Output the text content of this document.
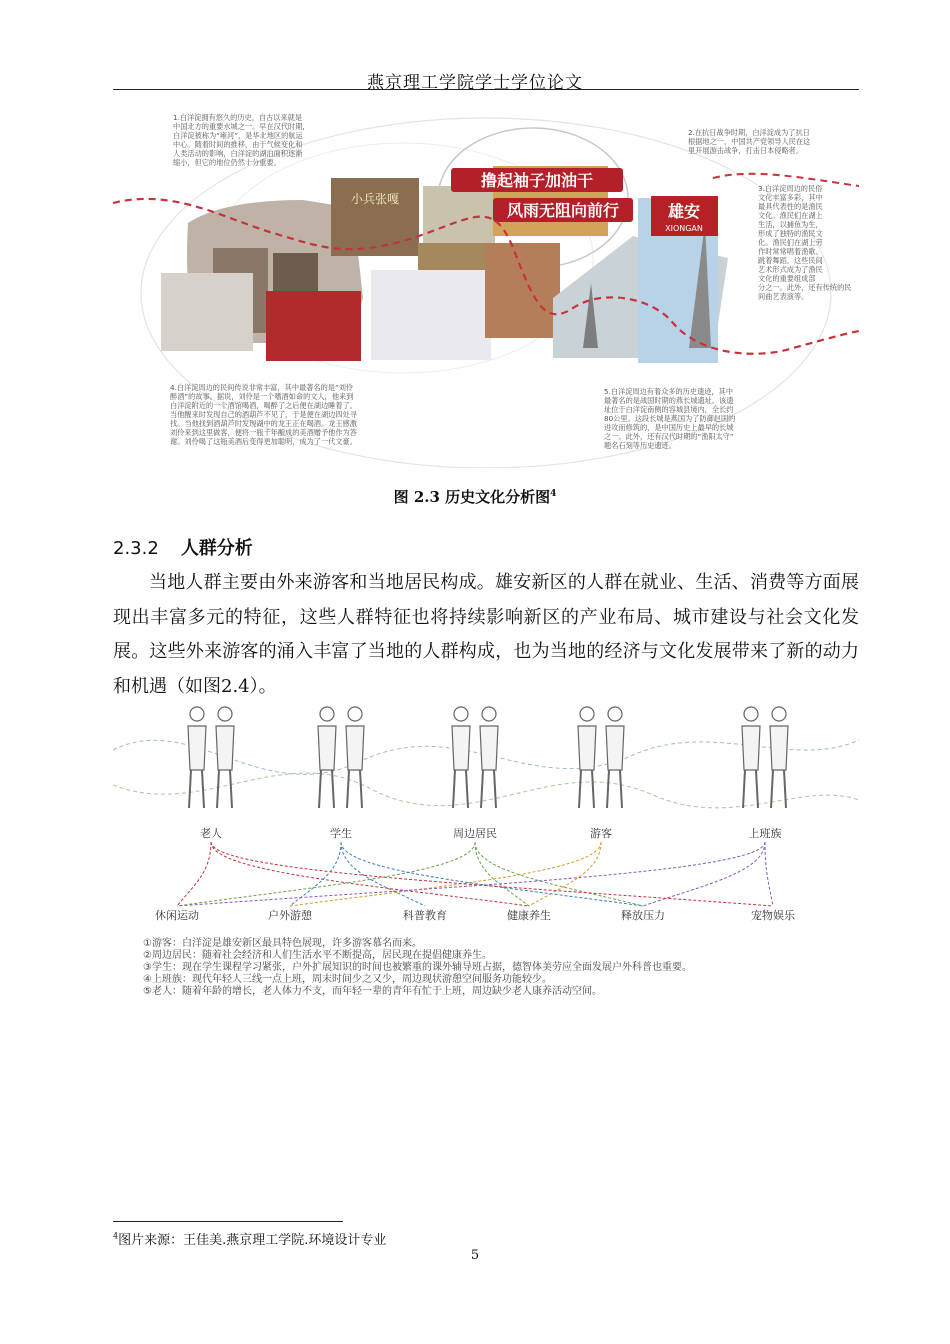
燕京理工学院学士学位论文
撸起袖子加油干
风雨无阻向前行	雄安
XIONGAN
小兵张嘎
1.白洋淀拥有悠久的历史，自古以来就是 中国北方的重要水城之一。早在汉代时期， 白洋淀被称为“雍河”，是华北地区的航运 中心。随着时间的推移，由于气候变化和 人类活动的影响，白洋淀的湖泊面积逐渐 缩小，但它的地位仍然十分重要。
2.在抗日战争时期，白洋淀成为了抗日 根据地之一，中国共产党领导人民在这 里开展游击战争，打击日本侵略者。
3.白洋淀周边的民俗 文化丰富多彩，其中 最具代表性的是渔民 文化。渔民们在湖上 生活，以捕鱼为生， 形成了独特的渔民文 化。渔民们在湖上劳 作时常常唱着渔歌、 跳着舞蹈，这些民间 艺术形式成为了渔民 文化的重要组成部 分之一。此外，还有传统的民 间曲艺表演等。
4.白洋淀周边的民间传说非常丰富，其中最著名的是“刘伶 醉酒”的故事。据说，刘伶是一个嗜酒如命的文人，他来到 白洋淀附近的一个酒馆喝酒，喝醉了之后便在湖边睡着了。 当他醒来时发现自己的酒葫芦不见了，于是便在湖边四处寻 找。当他找到酒葫芦时发现湖中的龙王正在喝酒。龙王感激 刘伶来到这里做客，便将一瓶千年酿成的美酒赠予他作为答 谢。刘伶喝了这瓶美酒后变得更加聪明，成为了一代文豪。
5.白洋淀周边有着众多的历史遗迹，其中 最著名的是战国时期的燕长城遗址。该遗 址位于白洋淀南侧的容城县境内，全长约 80公里。这段长城是燕国为了防御赵国的 进攻而修筑的，是中国历史上最早的长城 之一。此外，还有汉代时期的“渔阳太守” 题名石刻等历史遗迹。
图 2.3 历史文化分析图$^4$
2.3.2 人群分析

当地人群主要由外来游客和当地居民构成。雄安新区的人群在就业、生活、消费等方面展现出丰富多元的特征，这些人群特征也将持续影响新区的产业布局、城市建设与社会文化发展。这些外来游客的涌入丰富了当地的人群构成，也为当地的经济与文化发展带来了新的动力和机遇（如图2.4）。

老人	学生	周边居民	游客	上班族
休闲运动	户外游憩	科普教育	健康养生	释放压力	宠物娱乐
①游客：白洋淀是雄安新区最具特色展现，许多游客慕名而来。 ②周边居民：随着社会经济和人们生活水平不断提高，居民现在提倡健康养生。 ③学生：现在学生课程学习紧张，户外扩展知识的时间也被繁重的课外辅导班占据，德智体美劳应全面发展户外科普也重要。 ④上班族：现代年轻人三线一点上班，周末时间少之又少，周边现状游憩空间服务功能较少。 ⑤老人：随着年龄的增长，老人体力不支，而年轻一辈的青年有忙于上班，周边缺少老人康养活动空间。
$^4$图片来源：王佳美.燕京理工学院.环境设计专业
5
